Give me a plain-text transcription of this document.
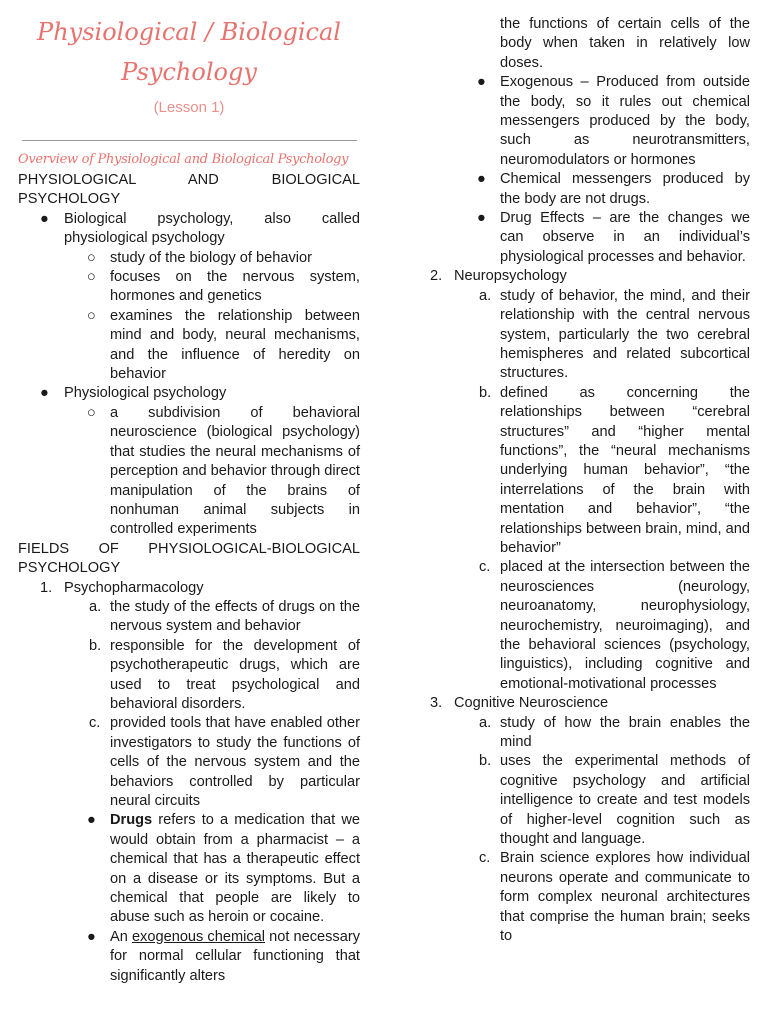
Physiological / Biological
Psychology
(Lesson 1)
Overview of Physiological and Biological Psychology
PHYSIOLOGICAL AND BIOLOGICAL PSYCHOLOGY
● Biological psychology, also called physiological psychology
○ study of the biology of behavior
○ focuses on the nervous system, hormones and genetics
○ examines the relationship between mind and body, neural mechanisms, and the influence of heredity on behavior
● Physiological psychology
○ a subdivision of behavioral neuroscience (biological psychology) that studies the neural mechanisms of perception and behavior through direct manipulation of the brains of nonhuman animal subjects in controlled experiments
FIELDS OF PHYSIOLOGICAL-BIOLOGICAL PSYCHOLOGY
1. Psychopharmacology
a. the study of the effects of drugs on the nervous system and behavior
b. responsible for the development of psychotherapeutic drugs, which are used to treat psychological and behavioral disorders.
c. provided tools that have enabled other investigators to study the functions of cells of the nervous system and the behaviors controlled by particular neural circuits
● Drugs refers to a medication that we would obtain from a pharmacist – a chemical that has a therapeutic effect on a disease or its symptoms. But a chemical that people are likely to abuse such as heroin or cocaine.
● An exogenous chemical not necessary for normal cellular functioning that significantly alters
the functions of certain cells of the body when taken in relatively low doses.
● Exogenous – Produced from outside the body, so it rules out chemical messengers produced by the body, such as neurotransmitters, neuromodulators or hormones
● Chemical messengers produced by the body are not drugs.
● Drug Effects – are the changes we can observe in an individual’s physiological processes and behavior.
2. Neuropsychology
a. study of behavior, the mind, and their relationship with the central nervous system, particularly the two cerebral hemispheres and related subcortical structures.
b. defined as concerning the relationships between “cerebral structures” and “higher mental functions”, the “neural mechanisms underlying human behavior”, “the interrelations of the brain with mentation and behavior”, “the relationships between brain, mind, and behavior”
c. placed at the intersection between the neurosciences (neurology, neuroanatomy, neurophysiology, neurochemistry, neuroimaging), and the behavioral sciences (psychology, linguistics), including cognitive and emotional-motivational processes
3. Cognitive Neuroscience
a. study of how the brain enables the mind
b. uses the experimental methods of cognitive psychology and artificial intelligence to create and test models of higher-level cognition such as thought and language.
c. Brain science explores how individual neurons operate and communicate to form complex neuronal architectures that comprise the human brain; seeks to
